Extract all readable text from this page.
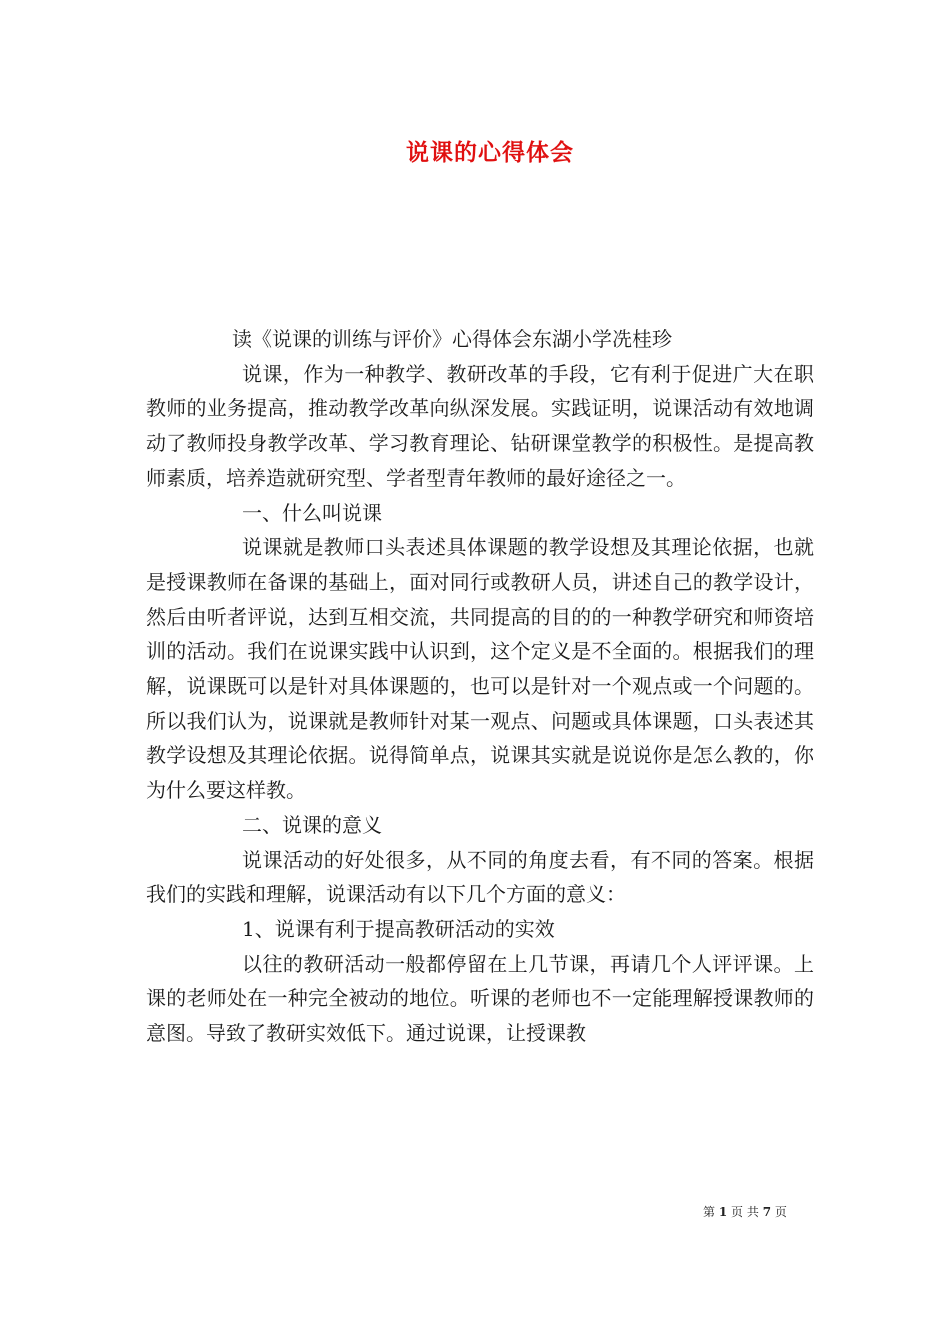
说课的心得体会

读《说课的训练与评价》心得体会东湖小学冼桂珍

说课，作为一种教学、教研改革的手段，它有利于促进广大在职教师的业务提高，推动教学改革向纵深发展。实践证明，说课活动有效地调动了教师投身教学改革、学习教育理论、钻研课堂教学的积极性。是提高教师素质，培养造就研究型、学者型青年教师的最好途径之一。

一、什么叫说课

说课就是教师口头表述具体课题的教学设想及其理论依据，也就是授课教师在备课的基础上，面对同行或教研人员，讲述自己的教学设计，然后由听者评说，达到互相交流，共同提高的目的的一种教学研究和师资培训的活动。我们在说课实践中认识到，这个定义是不全面的。根据我们的理解，说课既可以是针对具体课题的，也可以是针对一个观点或一个问题的。所以我们认为，说课就是教师针对某一观点、问题或具体课题，口头表述其教学设想及其理论依据。说得简单点，说课其实就是说说你是怎么教的，你为什么要这样教。

二、说课的意义

说课活动的好处很多，从不同的角度去看，有不同的答案。根据我们的实践和理解，说课活动有以下几个方面的意义：

1、说课有利于提高教研活动的实效

以往的教研活动一般都停留在上几节课，再请几个人评评课。上课的老师处在一种完全被动的地位。听课的老师也不一定能理解授课教师的意图。导致了教研实效低下。通过说课，让授课教

第 1 页 共 7 页
